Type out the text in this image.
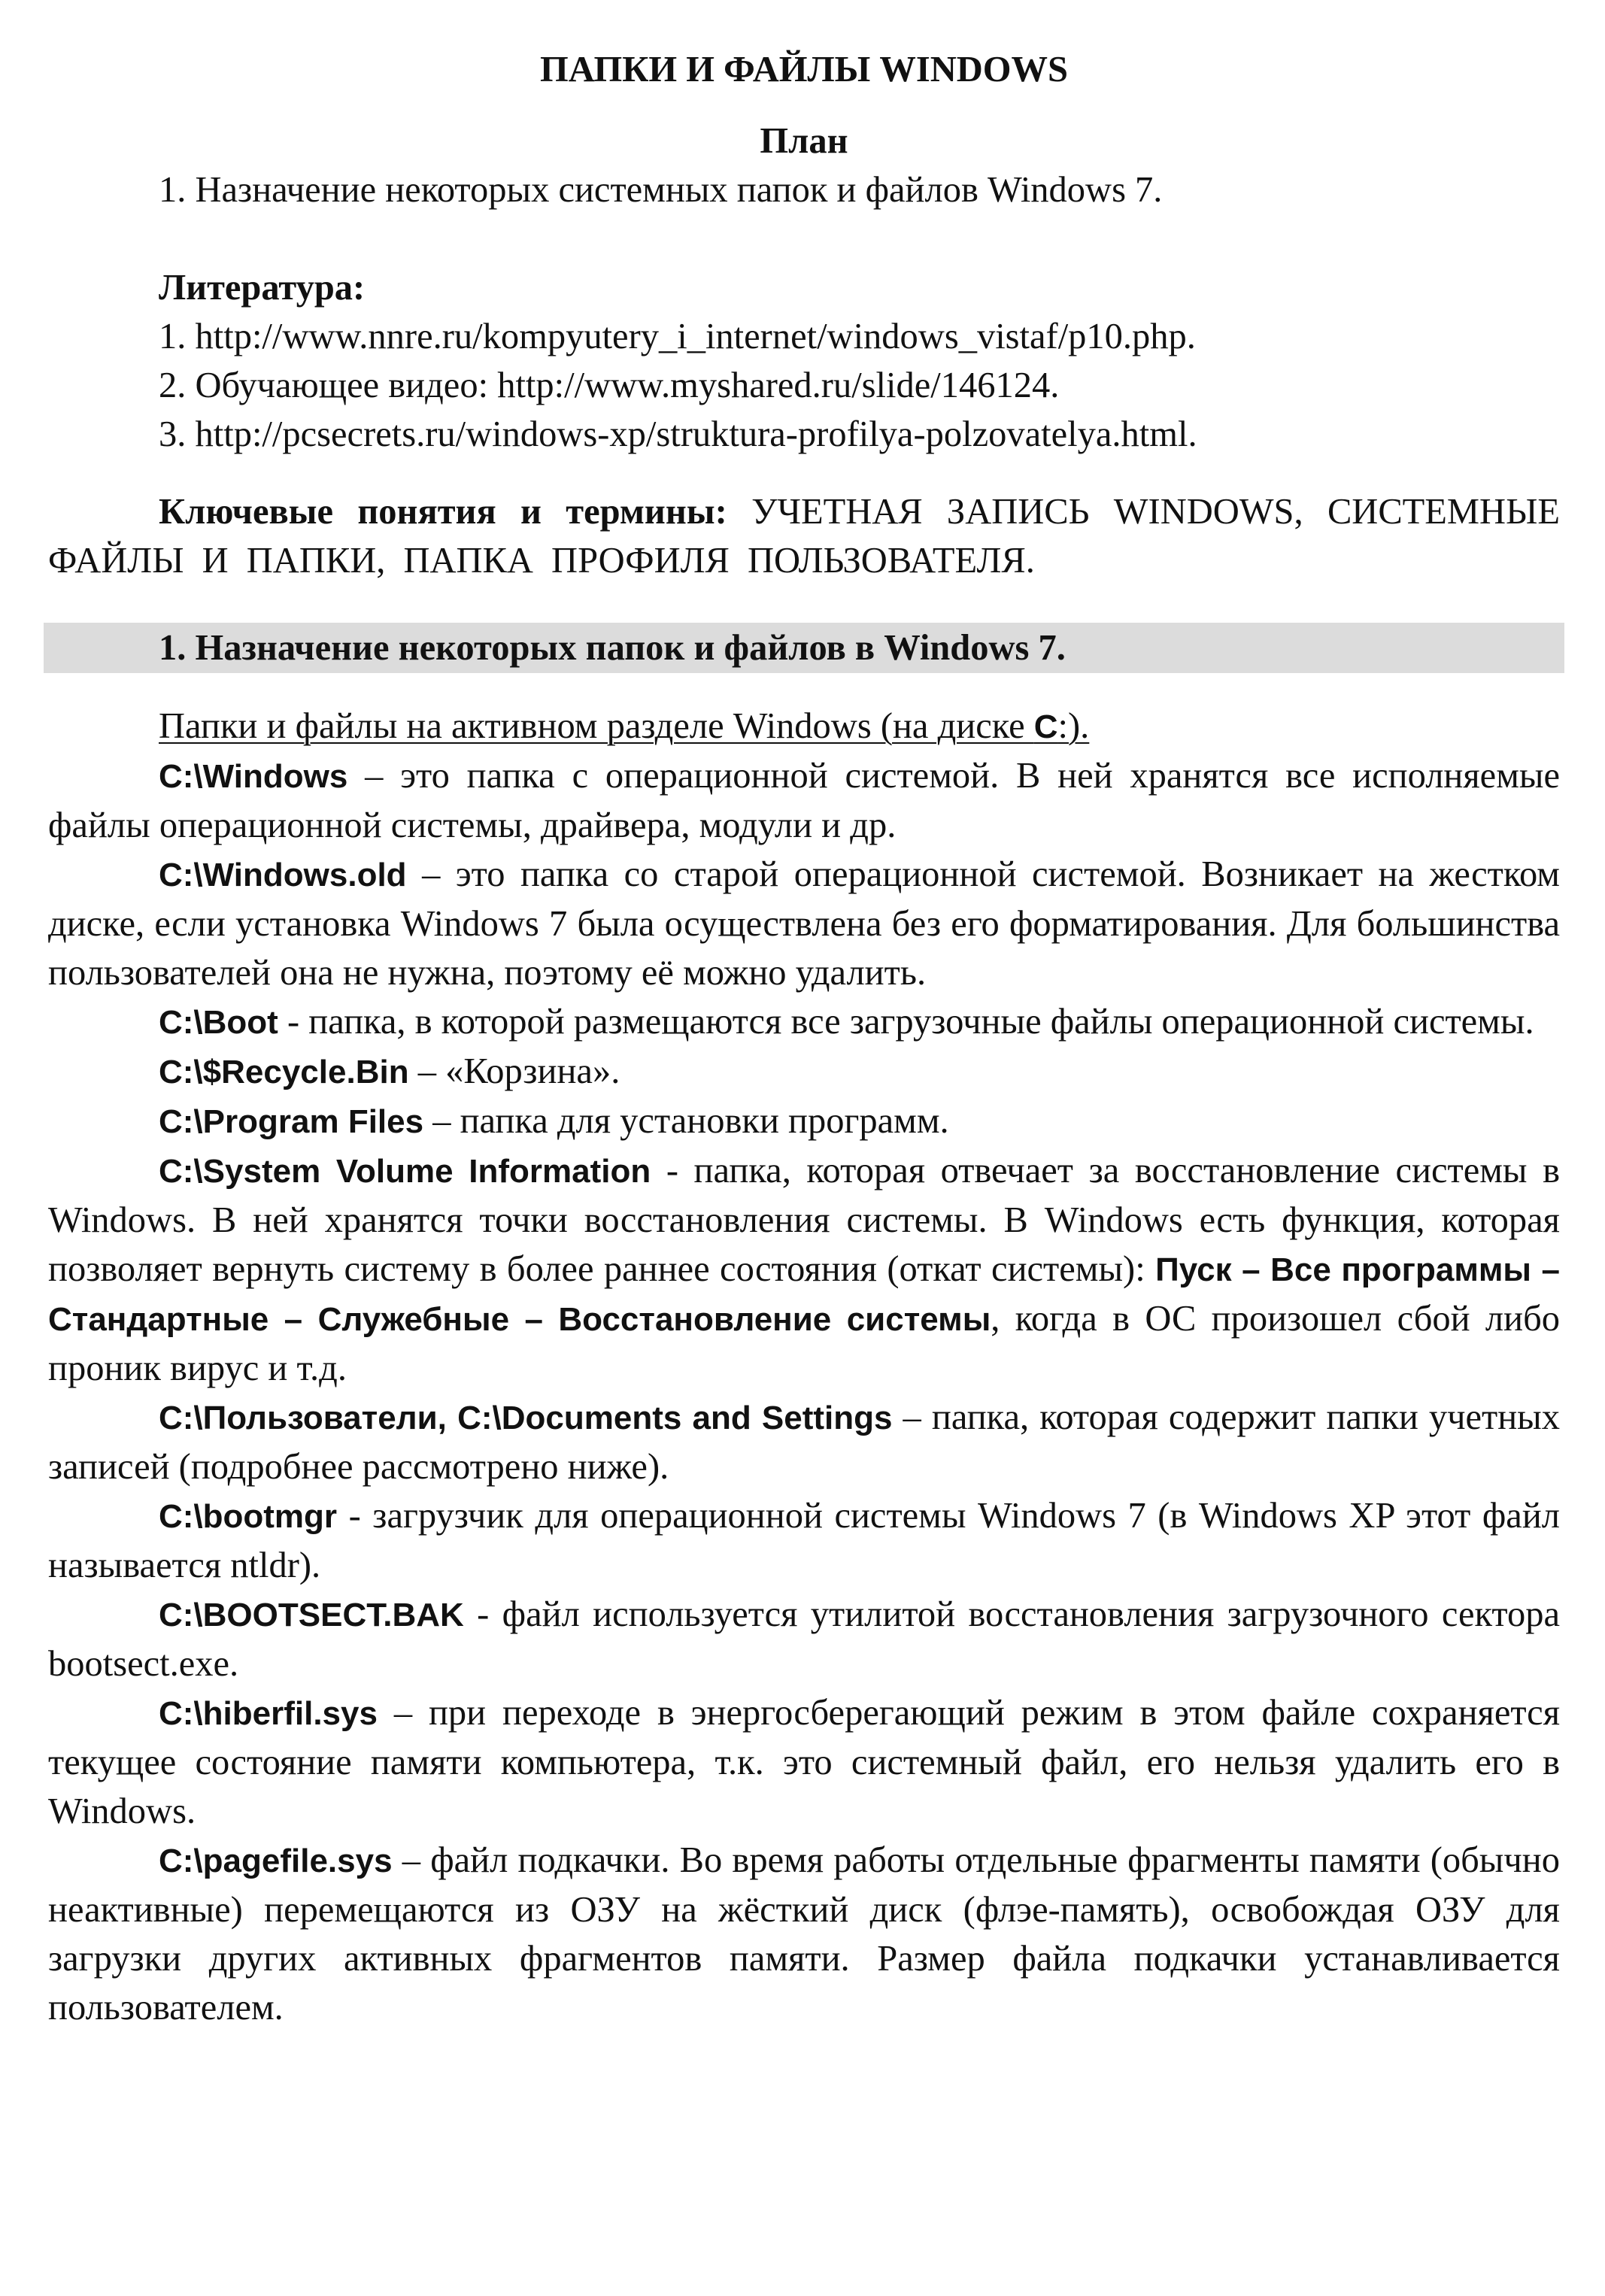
ПАПКИ И ФАЙЛЫ WINDOWS

План

1. Назначение некоторых системных папок и файлов Windows 7.

Литература:

1. http://www.nnre.ru/kompyutery_i_internet/windows_vistaf/p10.php.

2. Обучающее видео: http://www.myshared.ru/slide/146124.

3. http://pcsecrets.ru/windows-xp/struktura-profilya-polzovatelya.html.

Ключевые понятия и термины: УЧЕТНАЯ ЗАПИСЬ WINDOWS, СИСТЕМНЫЕ ФАЙЛЫ И ПАПКИ, ПАПКА ПРОФИЛЯ ПОЛЬЗОВАТЕЛЯ.

1. Назначение некоторых папок и файлов в Windows 7.

Папки и файлы на активном разделе Windows (на диске C:).

C:\Windows – это папка с операционной системой. В ней хранятся все исполняемые файлы операционной системы, драйвера, модули и др.

C:\Windows.old – это папка со старой операционной системой. Возникает на жестком диске, если установка Windows 7 была осуществлена без его форматирования. Для большинства пользователей она не нужна, поэтому её можно удалить.

C:\Boot - папка, в которой размещаются все загрузочные файлы операционной системы.

C:\$Recycle.Bin – «Корзина».

C:\Program Files – папка для установки программ.

C:\System Volume Information - папка, которая отвечает за восстановление системы в Windows. В ней хранятся точки восстановления системы. В Windows есть функция, которая позволяет вернуть систему в более раннее состояния (откат системы): Пуск – Все программы – Стандартные – Служебные – Восстановление системы, когда в ОС произошел сбой либо проник вирус и т.д.

C:\Пользователи, C:\Documents and Settings – папка, которая содержит папки учетных записей (подробнее рассмотрено ниже).

C:\bootmgr - загрузчик для операционной системы Windows 7 (в Windows XP этот файл называется ntldr).

C:\BOOTSECT.BAK - файл используется утилитой восстановления загрузочного сектора bootsect.exe.

C:\hiberfil.sys – при переходе в энергосберегающий режим в этом файле сохраняется текущее состояние памяти компьютера, т.к. это системный файл, его нельзя удалить его в Windows.

C:\pagefile.sys – файл подкачки. Во время работы отдельные фрагменты памяти (обычно неактивные) перемещаются из ОЗУ на жёсткий диск (флэе-память), освобождая ОЗУ для загрузки других активных фрагментов памяти. Размер файла подкачки устанавливается пользователем.
